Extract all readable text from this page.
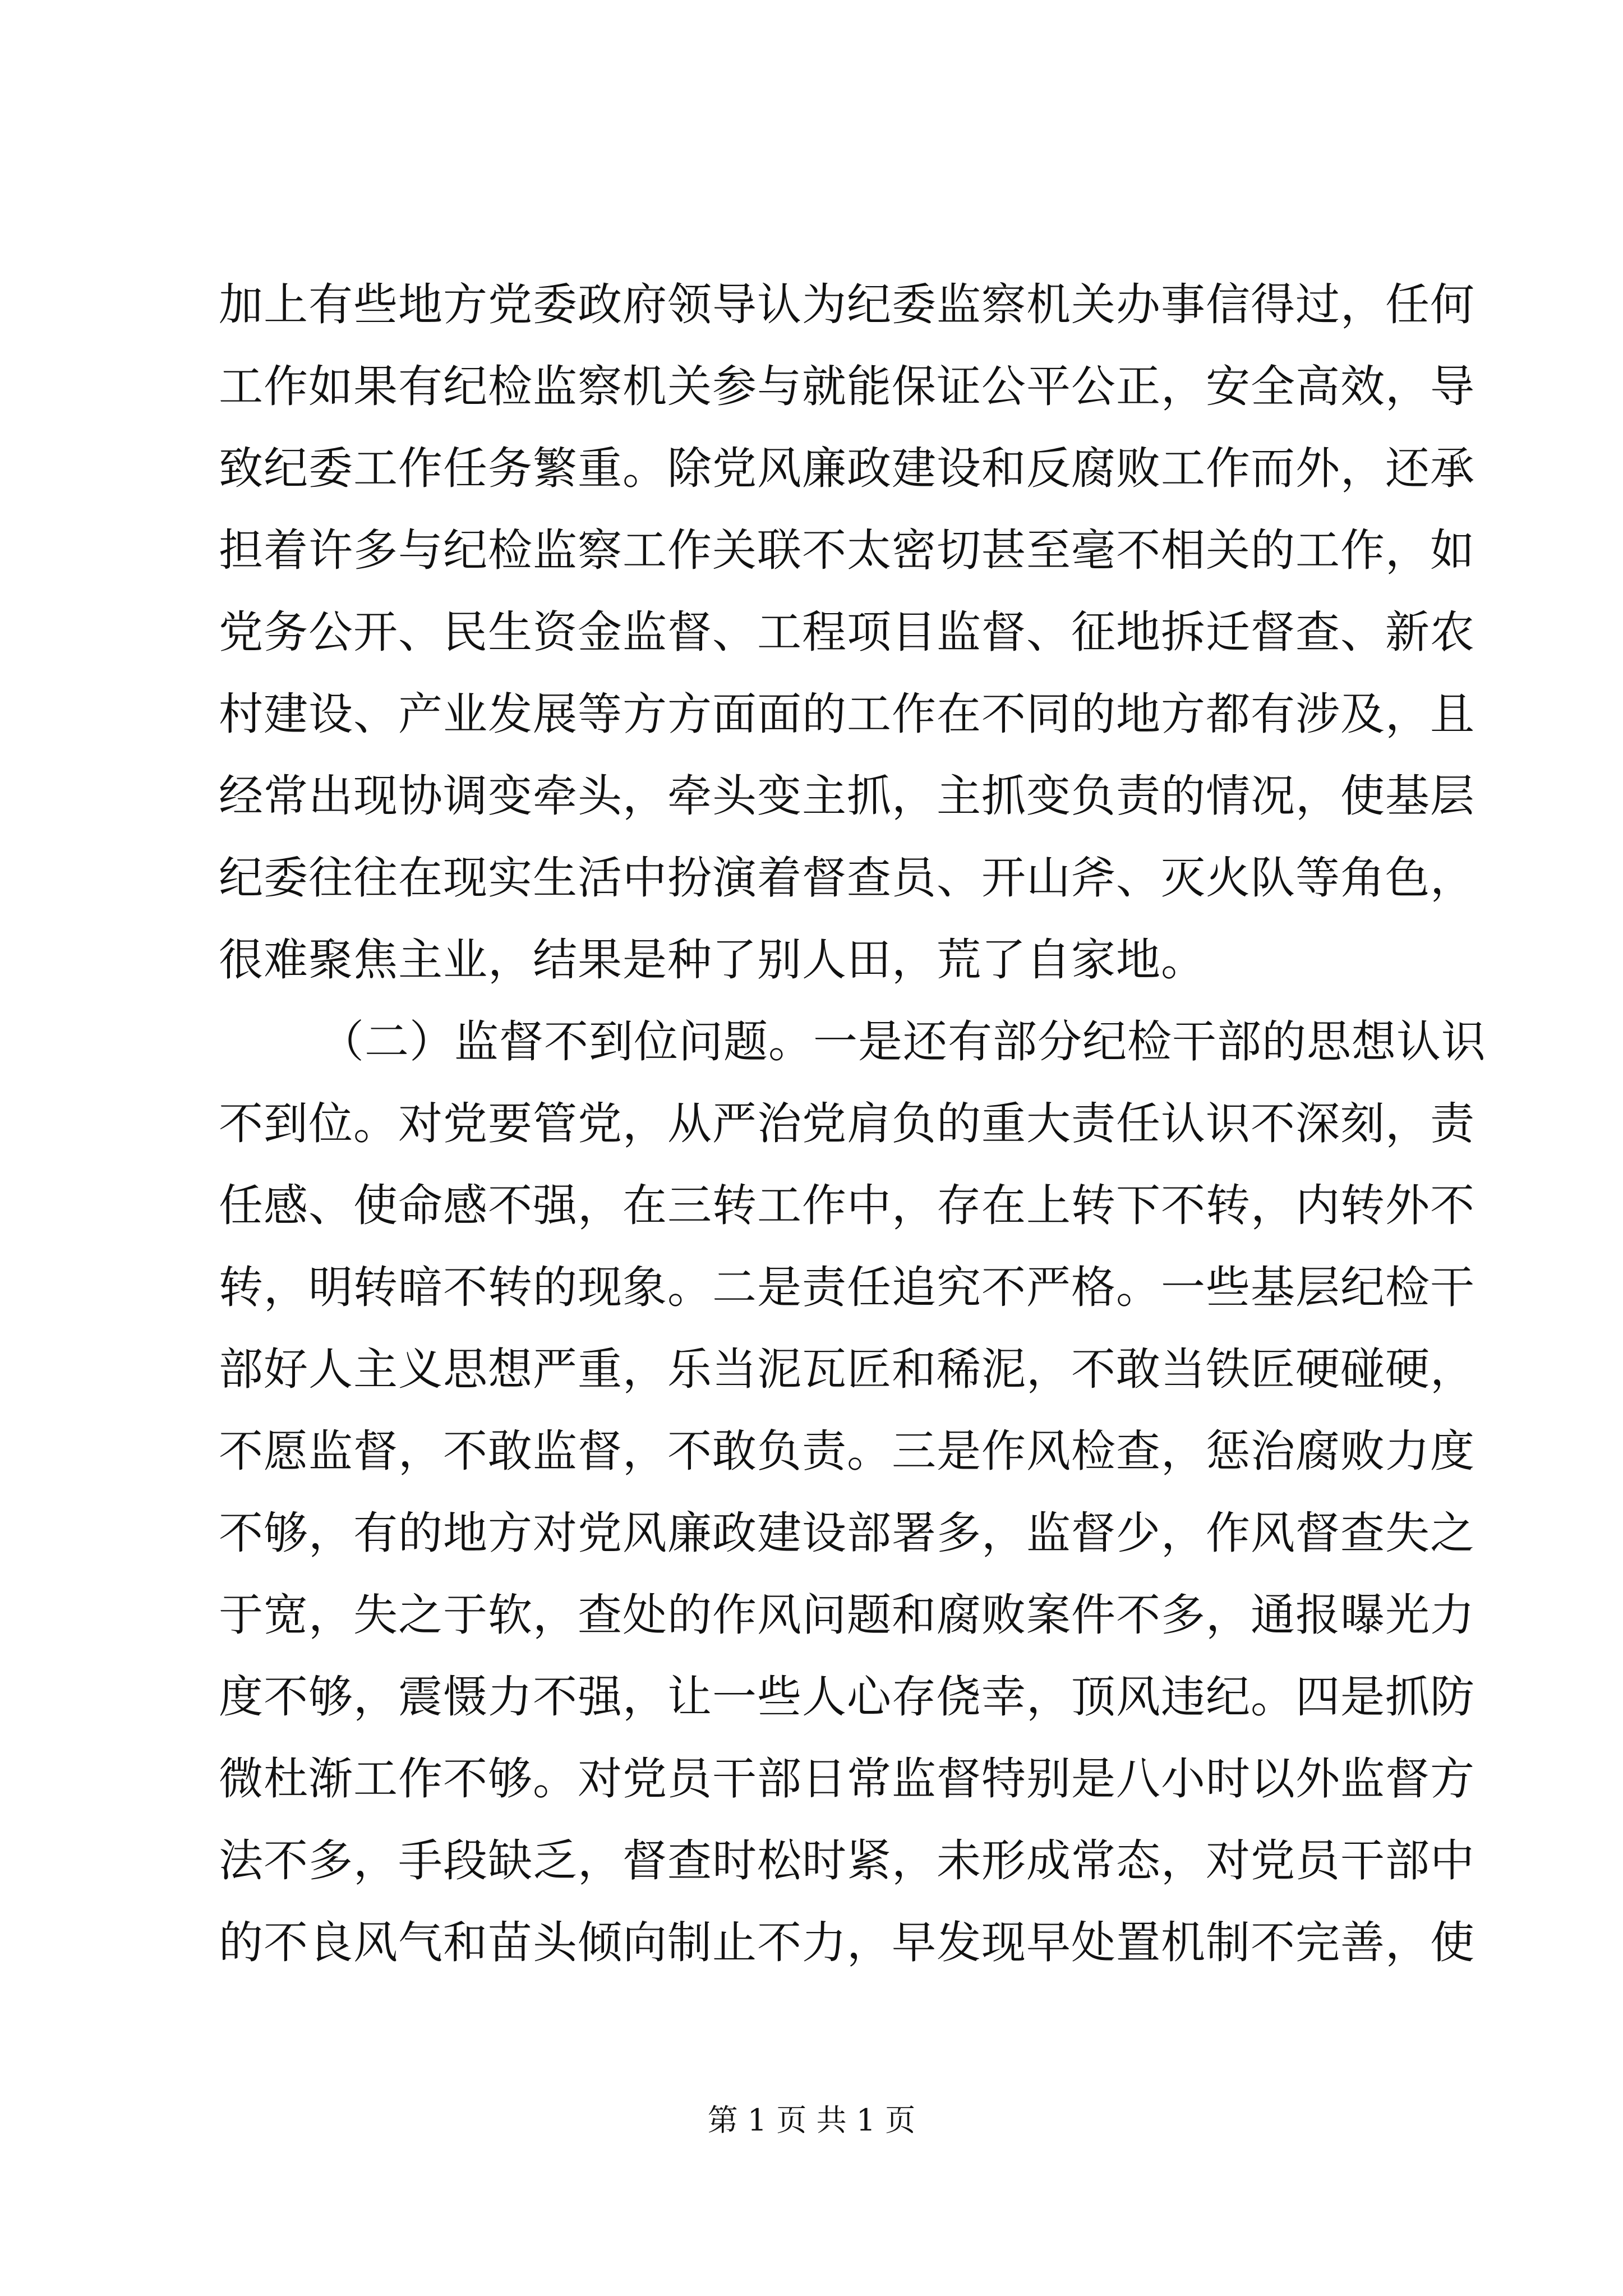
加上有些地方党委政府领导认为纪委监察机关办事信得过，任何
工作如果有纪检监察机关参与就能保证公平公正，安全高效，导
致纪委工作任务繁重。除党风廉政建设和反腐败工作而外，还承
担着许多与纪检监察工作关联不太密切甚至毫不相关的工作，如
党务公开、民生资金监督、工程项目监督、征地拆迁督查、新农
村建设、产业发展等方方面面的工作在不同的地方都有涉及，且
经常出现协调变牵头，牵头变主抓，主抓变负责的情况，使基层
纪委往往在现实生活中扮演着督查员、开山斧、灭火队等角色，
很难聚焦主业，结果是种了别人田，荒了自家地。
（二）监督不到位问题。一是还有部分纪检干部的思想认识
不到位。对党要管党，从严治党肩负的重大责任认识不深刻，责
任感、使命感不强，在三转工作中，存在上转下不转，内转外不
转，明转暗不转的现象。二是责任追究不严格。一些基层纪检干
部好人主义思想严重，乐当泥瓦匠和稀泥，不敢当铁匠硬碰硬，
不愿监督，不敢监督，不敢负责。三是作风检查，惩治腐败力度
不够，有的地方对党风廉政建设部署多，监督少，作风督查失之
于宽，失之于软，查处的作风问题和腐败案件不多，通报曝光力
度不够，震慑力不强，让一些人心存侥幸，顶风违纪。四是抓防
微杜渐工作不够。对党员干部日常监督特别是八小时以外监督方
法不多，手段缺乏，督查时松时紧，未形成常态，对党员干部中
的不良风气和苗头倾向制止不力，早发现早处置机制不完善，使
第 1 页 共 1 页
